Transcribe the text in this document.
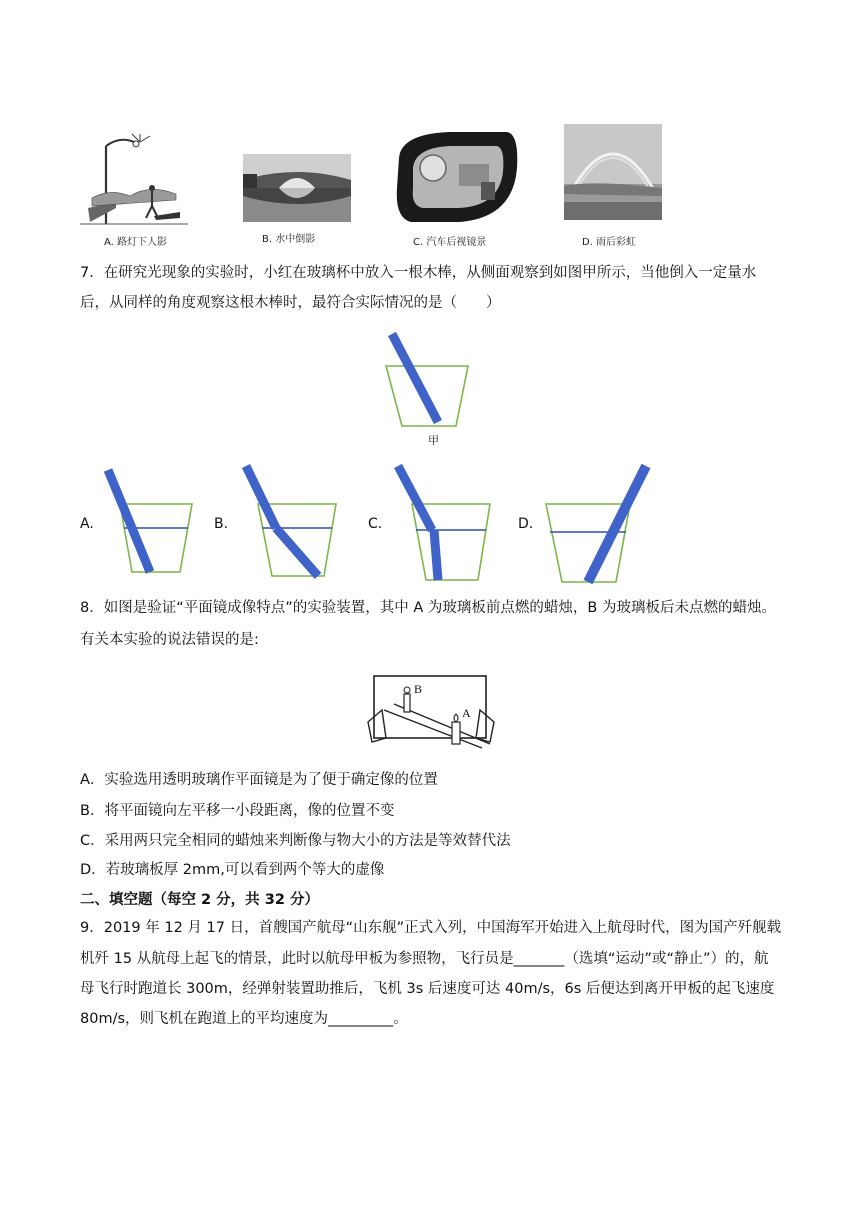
A. 路灯下人影	B. 水中倒影	C. 汽车后视镜景	D. 雨后彩虹
7．在研究光现象的实验时，小红在玻璃杯中放入一根木棒，从侧面观察到如图甲所示，当他倒入一定量水
后，从同样的角度观察这根木棒时，最符合实际情况的是（　　）
甲
A.	B.	C.	D.
8．如图是验证“平面镜成像特点”的实验装置，其中 A 为玻璃板前点燃的蜡烛，B 为玻璃板后未点燃的蜡烛。
有关本实验的说法错误的是:
B
A
A．实验选用透明玻璃作平面镜是为了便于确定像的位置
B．将平面镜向左平移一小段距离，像的位置不变
C．采用两只完全相同的蜡烛来判断像与物大小的方法是等效替代法
D．若玻璃板厚 2mm,可以看到两个等大的虚像
二、填空题（每空 2 分，共 32 分）
9．2019 年 12 月 17 日，首艘国产航母“山东舰”正式入列，中国海军开始进入上航母时代，图为国产歼舰载
机歼 15 从航母上起飞的情景，此时以航母甲板为参照物，飞行员是_______（选填“运动”或“静止”）的，航
母飞行时跑道长 300m，经弹射装置助推后，飞机 3s 后速度可达 40m/s，6s 后便达到离开甲板的起飞速度
80m/s，则飞机在跑道上的平均速度为_________。
